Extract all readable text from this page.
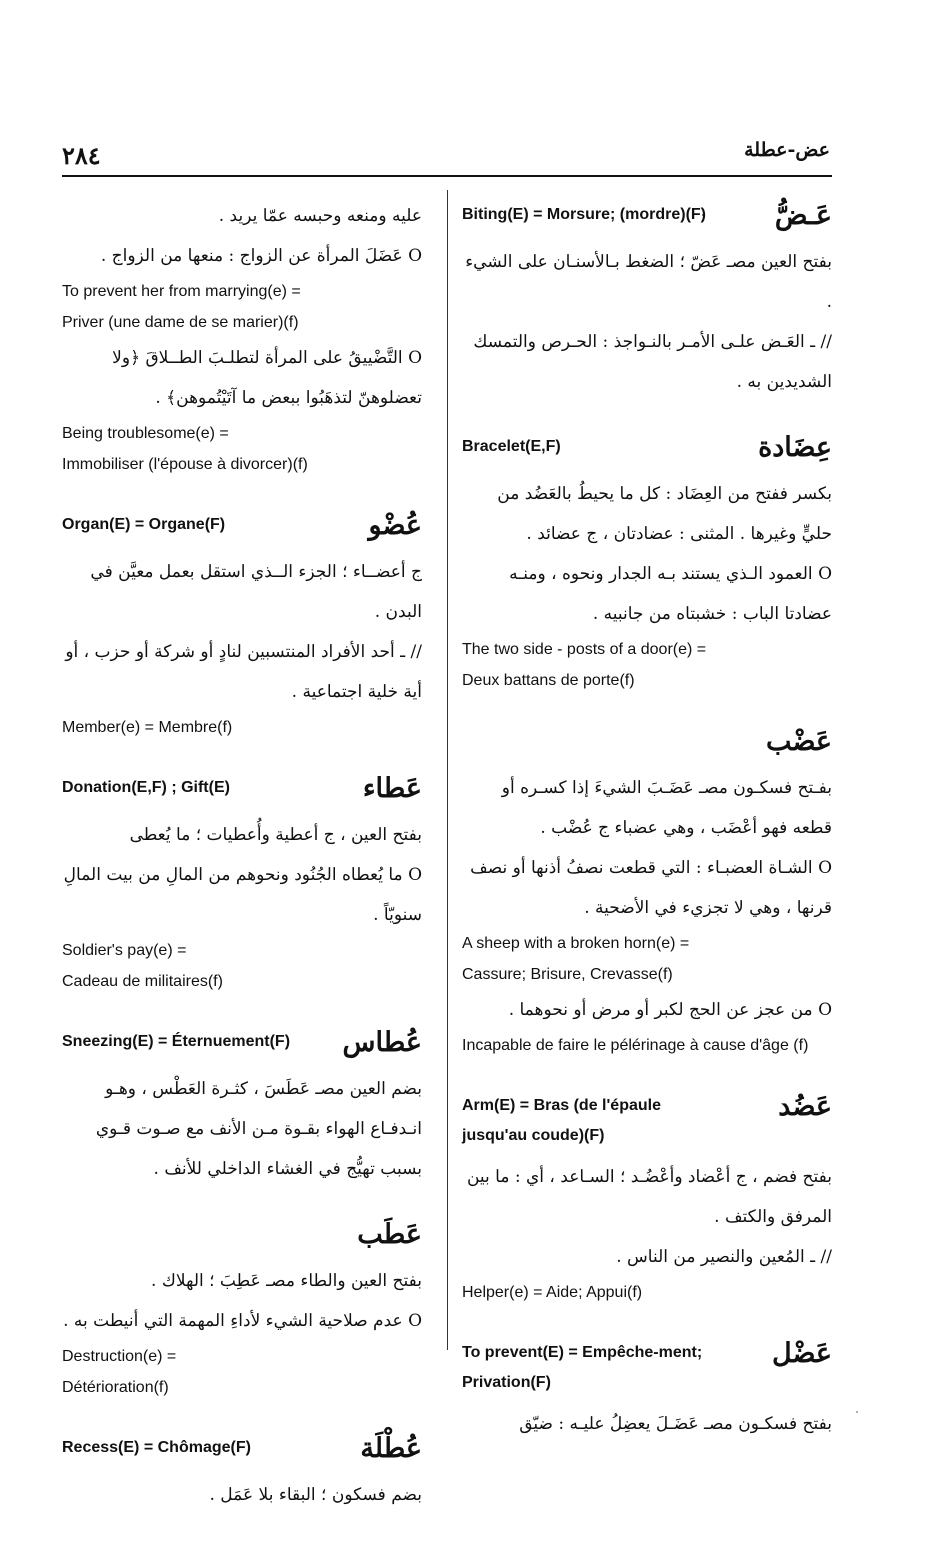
٢٨٤	عض-عطلة
Biting(E) = Morsure; (mordre)(F)	عَـضُّ

بفتح العين مصـ عَضّ ؛ الضغط بـالأسنـان على الشيء .

// ـ العَـض علـى الأمـر بالنـواجذ : الحـرص والتمسك الشديدين به .

Bracelet(E,F)	عِضَادة

بكسر ففتح من العِضَاد : كل ما يحيطُ بالعَضُد من حليٍّ وغيرها . المثنى : عضادتان ، ج عضائد .

O العمود الـذي يستند بـه الجدار ونحوه ، ومنـه عضادتا الباب : خشبتاه من جانبيه .

The two side - posts of a door(e) =

Deux battans de porte(f)

عَضْب

بفـتح فسكـون مصـ عَضَـبَ الشيءَ إذا كسـره أو قطعه فهو أعْضَب ، وهي عضباء ج عُضْب .

O الشـاة العضبـاء : التي قطعت نصفُ أذنها أو نصف قرنها ، وهي لا تجزيء في الأضحية .

A sheep with a broken horn(e) =

Cassure; Brisure, Crevasse(f)

O من عجز عن الحج لكبر أو مرض أو نحوهما .

Incapable de faire le pélérinage à cause d'âge (f)

Arm(E) = Bras (de l'épaule jusqu'au coude)(F)
عَضُد

بفتح فضم ، ج أعْضاد وأعْضُـد ؛ السـاعد ، أي : ما بين المرفق والكتف .

// ـ المُعين والنصير من الناس .

Helper(e) = Aide; Appui(f)

To prevent(E) = Empêche-ment; Privation(F)
عَضْل

بفتح فسكـون مصـ عَضَـلَ يعضِلُ عليـه : ضيّق

عليه ومنعه وحبسه عمّا يريد .

O عَضَلَ المرأة عن الزواج : منعها من الزواج .

To prevent her from marrying(e) =

Priver (une dame de se marier)(f)

O التَّضْييقُ على المرأة لتطلـبَ الطــلاقَ ﴿ولا تعضلوهنّ لتذهَبُوا ببعض ما آتَيْتُموهن﴾ .

Being troublesome(e) =

Immobiliser (l'épouse à divorcer)(f)

Organ(E) = Organe(F)	عُضْو

ج أعضــاء ؛ الجزء الــذي استقل بعمل معيَّن في البدن .

// ـ أحد الأفراد المنتسبين لنادٍ أو شركة أو حزب ، أو أية خلية اجتماعية .

Member(e) = Membre(f)

Donation(E,F) ; Gift(E)	عَطاء

بفتح العين ، ج أعطية وأُعطيات ؛ ما يُعطى

O ما يُعطاه الجُنُود ونحوهم من المالِ من بيت المالِ سنويّاً .

Soldier's pay(e) =

Cadeau de militaires(f)

Sneezing(E) = Éternuement(F) عُطاس

بضم العين مصـ عَطَسَ ، كثـرة العَطْس ، وهـو انـدفـاع الهواء بقـوة مـن الأنف مع صـوت قـوي بسبب تهيُّج في الغشاء الداخلي للأنف .

عَطَب

بفتح العين والطاء مصـ عَطِبَ ؛ الهلاك .

O عدم صلاحية الشيء لأداءِ المهمة التي أنيطت به .

Destruction(e) =

Détérioration(f)

Recess(E) = Chômage(F)	عُطْلَة

بضم فسكون ؛ البقاء بلا عَمَل .
